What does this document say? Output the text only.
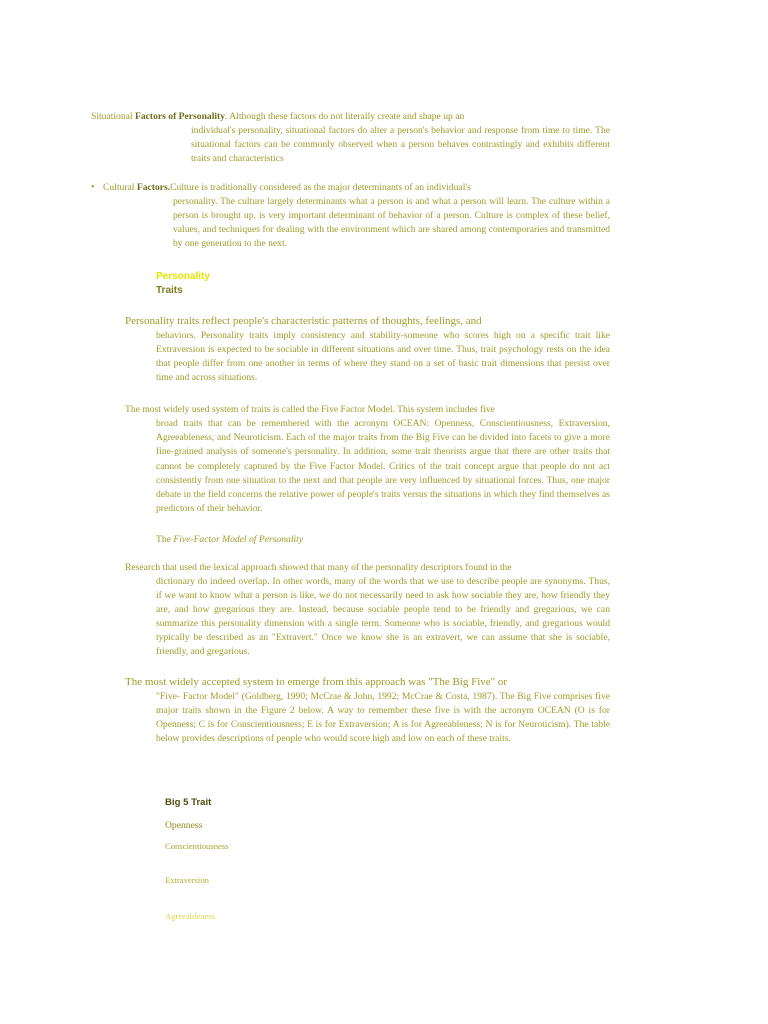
Situational Factors of Personality. Although these factors do not literally create and shape up an
individual's personality, situational factors do alter a person's behavior and response from time to time. The situational factors can be commonly observed when a person behaves contrastingly and exhibits different traits and characteristics
• Cultural Factors.Culture is traditionally considered as the major determinants of an individual's
personality. The culture largely determinants what a person is and what a person will learn. The culture within a person is brought up, is very important determinant of behavior of a person. Culture is complex of these belief, values, and techniques for dealing with the environment which are shared among contemporaries and transmitted by one generation to the next.
Personality
Traits
Personality traits reflect people's characteristic patterns of thoughts, feelings, and
behaviors. Personality traits imply consistency and stability-someone who scores high on a specific trait like Extraversion is expected to be sociable in different situations and over time. Thus, trait psychology rests on the idea that people differ from one another in terms of where they stand on a set of basic trait dimensions that persist over time and across situations.
The most widely used system of traits is called the Five Factor Model. This system includes five
broad traits that can be remembered with the acronym OCEAN: Openness, Conscientiousness, Extraversion, Agreeableness, and Neuroticism. Each of the major traits from the Big Five can be divided into facets to give a more fine-grained analysis of someone's personality. In addition, some trait theorists argue that there are other traits that cannot be completely captured by the Five Factor Model. Critics of the trait concept argue that people do not act consistently from one situation to the next and that people are very influenced by situational forces. Thus, one major debate in the field concerns the relative power of people's traits versus the situations in which they find themselves as predictors of their behavior.
The Five-Factor Model of Personality
Research that used the lexical approach showed that many of the personality descriptors found in the
dictionary do indeed overlap. In other words, many of the words that we use to describe people are synonyms. Thus, if we want to know what a person is like, we do not necessarily need to ask how sociable they are, how friendly they are, and how gregarious they are. Instead, because sociable people tend to be friendly and gregarious, we can summarize this personality dimension with a single term. Someone who is sociable, friendly, and gregarious would typically be described as an "Extravert." Once we know she is an extravert, we can assume that she is sociable, friendly, and gregarious.
The most widely accepted system to emerge from this approach was "The Big Five" or
"Five- Factor Model" (Goldberg, 1990; McCrae & John, 1992; McCrae & Costa, 1987). The Big Five comprises five major traits shown in the Figure 2 below. A way to remember these five is with the acronym OCEAN (O is for Openness; C is for Conscientiousness; E is for Extraversion; A is for Agreeableness; N is for Neuroticism). The table below provides descriptions of people who would score high and low on each of these traits.
Big 5 Trait
Openness
Conscientiousness
Extraversion
Agreeableness
